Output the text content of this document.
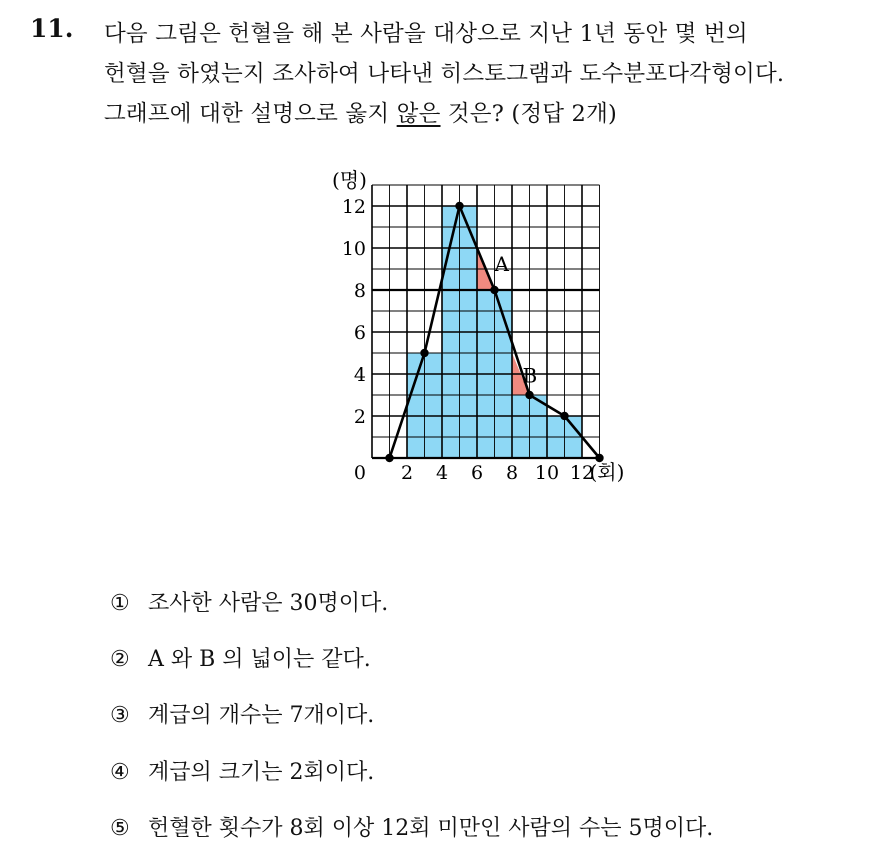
11. 다음 그림은 헌혈을 해 본 사람을 대상으로 지난 1년 동안 몇 번의
헌혈을 하였는지 조사하여 나타낸 히스토그램과 도수분포다각형이다.
그래프에 대한 설명으로 옳지 않은 것은? (정답 2개)
2
4
6
8
10
12
2 4 6 8 10 12
0
(명)
(회)
A
B
① 조사한 사람은 30명이다.
② A 와 B 의 넓이는 같다.
③ 계급의 개수는 7개이다.
④ 계급의 크기는 2회이다.
⑤ 헌혈한 횟수가 8회 이상 12회 미만인 사람의 수는 5명이다.
